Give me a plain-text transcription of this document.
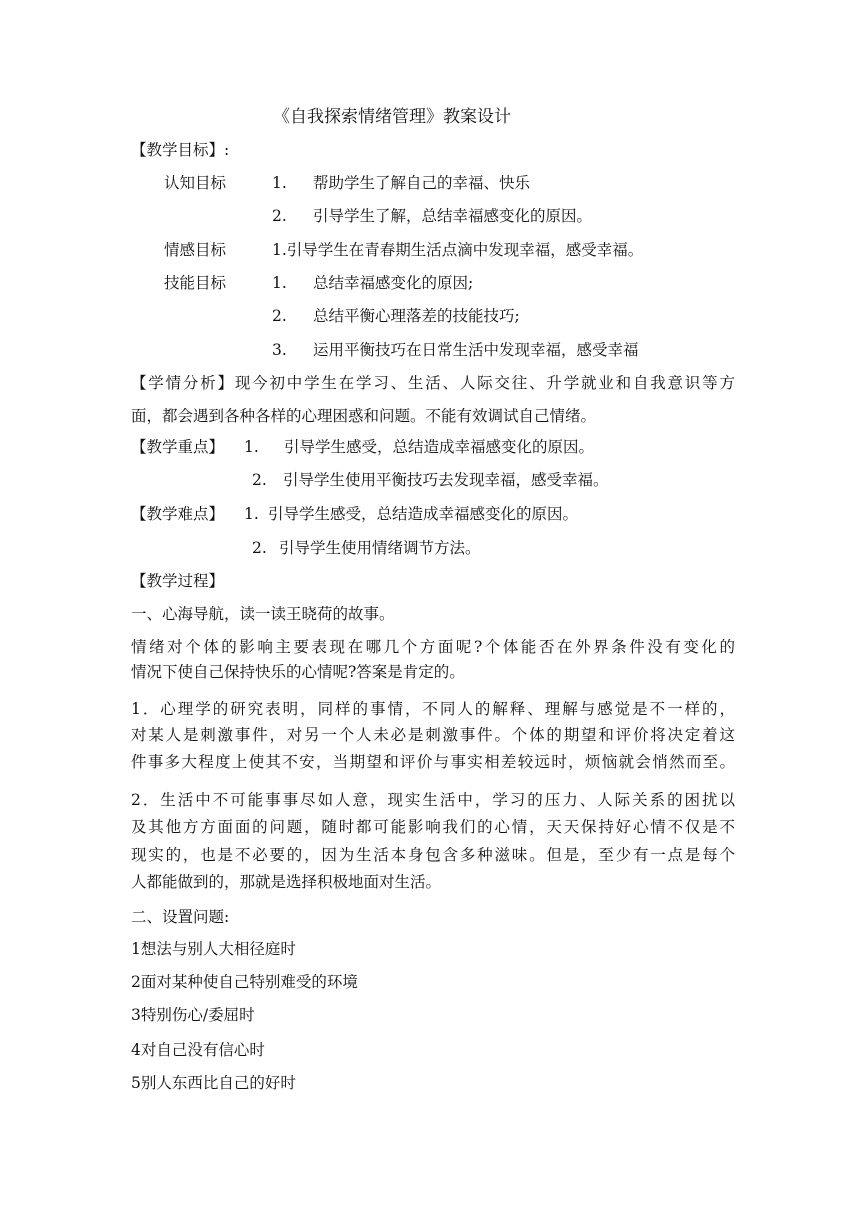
《自我探索情绪管理》教案设计
【教学目标】:
认知目标	1. 帮助学生了解自己的幸福、快乐
2. 引导学生了解，总结幸福感变化的原因。
情感目标	1.引导学生在青春期生活点滴中发现幸福，感受幸福。
技能目标	1. 总结幸福感变化的原因;
2. 总结平衡心理落差的技能技巧;
3. 运用平衡技巧在日常生活中发现幸福，感受幸福
【学情分析】现今初中学生在学习、生活、人际交往、升学就业和自我意识等方
面，都会遇到各种各样的心理困惑和问题。不能有效调试自己情绪。
【教学重点】 1. 引导学生感受，总结造成幸福感变化的原因。
2. 引导学生使用平衡技巧去发现幸福，感受幸福。
【教学难点】 1. 引导学生感受，总结造成幸福感变化的原因。
2. 引导学生使用情绪调节方法。
【教学过程】
一、心海导航，读一读王晓荷的故事。
情绪对个体的影响主要表现在哪几个方面呢?个体能否在外界条件没有变化的
情况下使自己保持快乐的心情呢?答案是肯定的。
1．心理学的研究表明，同样的事情，不同人的解释、理解与感觉是不一样的，
对某人是刺激事件，对另一个人未必是刺激事件。个体的期望和评价将决定着这
件事多大程度上使其不安，当期望和评价与事实相差较远时，烦恼就会悄然而至。
2．生活中不可能事事尽如人意，现实生活中，学习的压力、人际关系的困扰以
及其他方方面面的问题，随时都可能影响我们的心情，天天保持好心情不仅是不
现实的，也是不必要的，因为生活本身包含多种滋味。但是，至少有一点是每个
人都能做到的，那就是选择积极地面对生活。
二、设置问题:
1想法与别人大相径庭时
2面对某种使自己特别难受的环境
3特别伤心/委屈时
4对自己没有信心时
5别人东西比自己的好时
